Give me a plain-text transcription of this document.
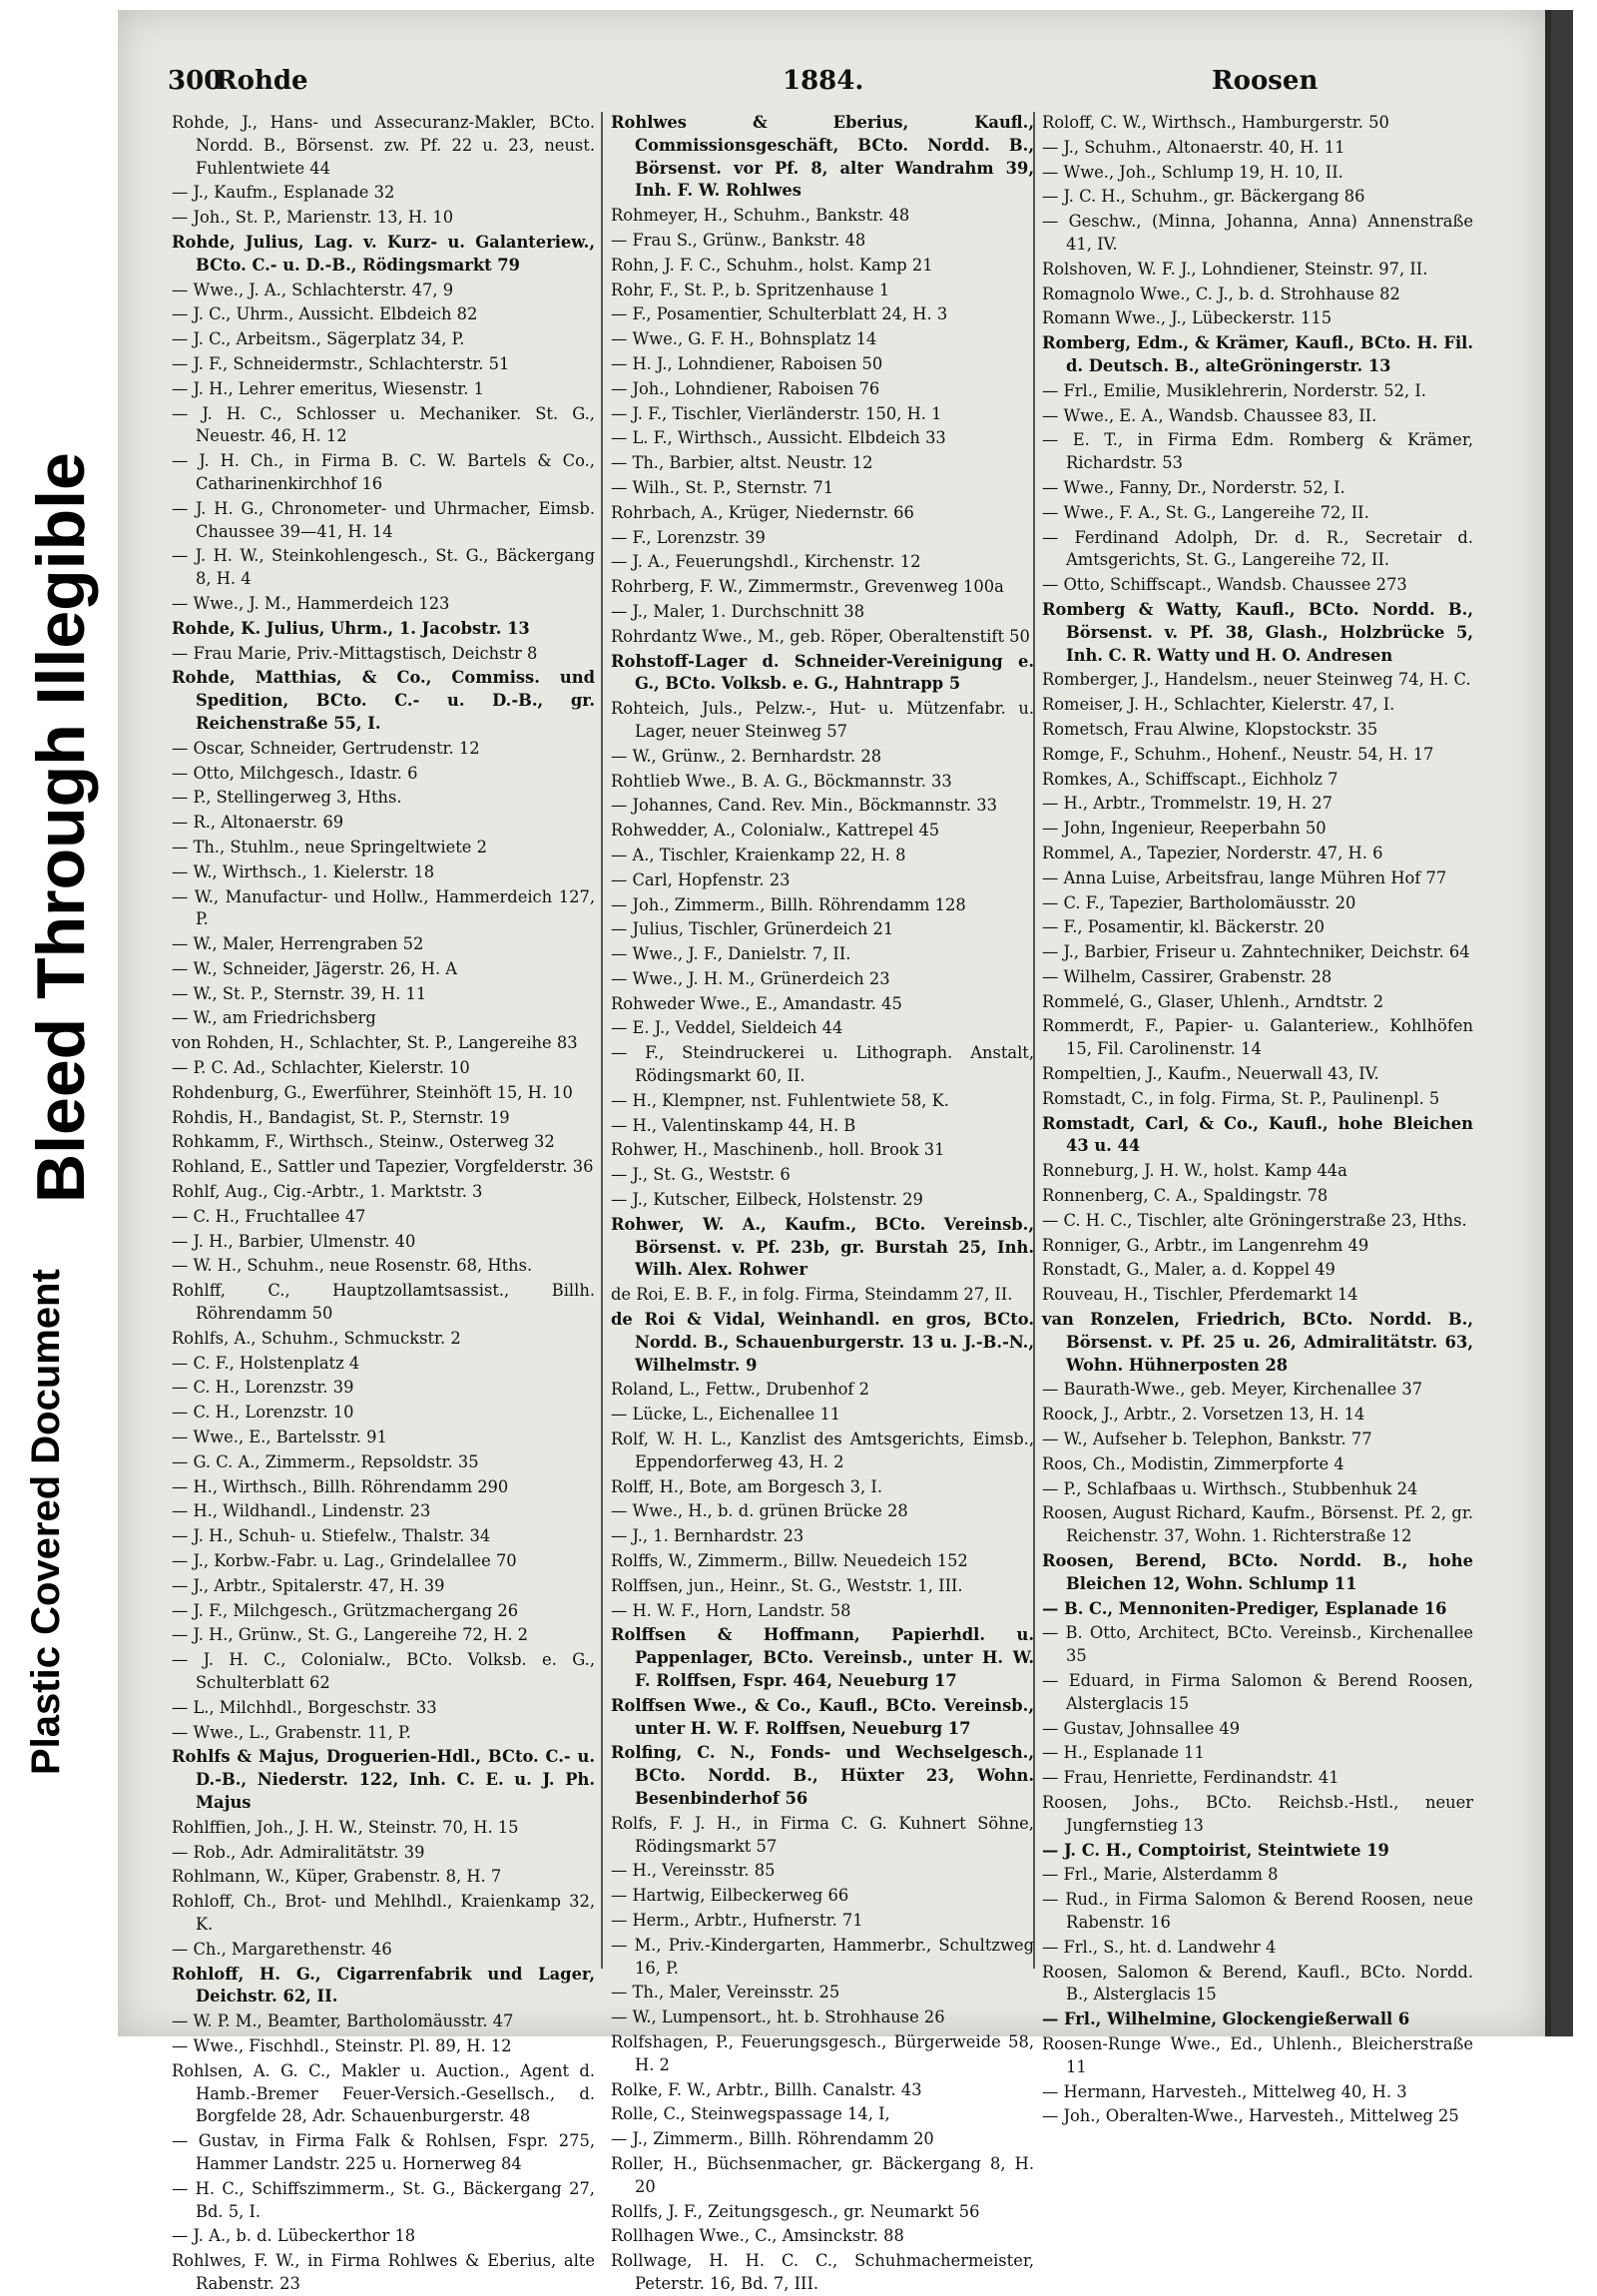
Bleed Through Illegible
Plastic Covered Document
300
Rohde	1884.	Roosen
Rohde, J., Hans- und Assecuranz-Makler, BCto. Nordd. B., Börsenst. zw. Pf. 22 u. 23, neust. Fuhlentwiete 44
— J., Kaufm., Esplanade 32
— Joh., St. P., Marienstr. 13, H. 10
Rohde, Julius, Lag. v. Kurz- u. Galanteriew., BCto. C.- u. D.-B., Rödingsmarkt 79
— Wwe., J. A., Schlachterstr. 47, 9
— J. C., Uhrm., Aussicht. Elbdeich 82
— J. C., Arbeitsm., Sägerplatz 34, P.
— J. F., Schneidermstr., Schlachterstr. 51
— J. H., Lehrer emeritus, Wiesenstr. 1
— J. H. C., Schlosser u. Mechaniker. St. G., Neuestr. 46, H. 12
— J. H. Ch., in Firma B. C. W. Bartels & Co., Catharinenkirchhof 16
— J. H. G., Chronometer- und Uhrmacher, Eimsb. Chaussee 39—41, H. 14
— J. H. W., Steinkohlengesch., St. G., Bäckergang 8, H. 4
— Wwe., J. M., Hammerdeich 123
Rohde, K. Julius, Uhrm., 1. Jacobstr. 13
— Frau Marie, Priv.-Mittagstisch, Deichstr 8
Rohde, Matthias, & Co., Commiss. und Spedition, BCto. C.- u. D.-B., gr. Reichenstraße 55, I.
— Oscar, Schneider, Gertrudenstr. 12
— Otto, Milchgesch., Idastr. 6
— P., Stellingerweg 3, Hths.
— R., Altonaerstr. 69
— Th., Stuhlm., neue Springeltwiete 2
— W., Wirthsch., 1. Kielerstr. 18
— W., Manufactur- und Hollw., Hammerdeich 127, P.
— W., Maler, Herrengraben 52
— W., Schneider, Jägerstr. 26, H. A
— W., St. P., Sternstr. 39, H. 11
— W., am Friedrichsberg
von Rohden, H., Schlachter, St. P., Langereihe 83
— P. C. Ad., Schlachter, Kielerstr. 10
Rohdenburg, G., Ewerführer, Steinhöft 15, H. 10
Rohdis, H., Bandagist, St. P., Sternstr. 19
Rohkamm, F., Wirthsch., Steinw., Osterweg 32
Rohland, E., Sattler und Tapezier, Vorgfelderstr. 36
Rohlf, Aug., Cig.-Arbtr., 1. Marktstr. 3
— C. H., Fruchtallee 47
— J. H., Barbier, Ulmenstr. 40
— W. H., Schuhm., neue Rosenstr. 68, Hths.
Rohlff, C., Hauptzollamtsassist., Billh. Röhrendamm 50
Rohlfs, A., Schuhm., Schmuckstr. 2
— C. F., Holstenplatz 4
— C. H., Lorenzstr. 39
— C. H., Lorenzstr. 10
— Wwe., E., Bartelsstr. 91
— G. C. A., Zimmerm., Repsoldstr. 35
— H., Wirthsch., Billh. Röhrendamm 290
— H., Wildhandl., Lindenstr. 23
— J. H., Schuh- u. Stiefelw., Thalstr. 34
— J., Korbw.-Fabr. u. Lag., Grindelallee 70
— J., Arbtr., Spitalerstr. 47, H. 39
— J. F., Milchgesch., Grützmachergang 26
— J. H., Grünw., St. G., Langereihe 72, H. 2
— J. H. C., Colonialw., BCto. Volksb. e. G., Schulterblatt 62
— L., Milchhdl., Borgeschstr. 33
— Wwe., L., Grabenstr. 11, P.
Rohlfs & Majus, Droguerien-Hdl., BCto. C.- u. D.-B., Niederstr. 122, Inh. C. E. u. J. Ph. Majus
Rohlffien, Joh., J. H. W., Steinstr. 70, H. 15
— Rob., Adr. Admiralitätstr. 39
Rohlmann, W., Küper, Grabenstr. 8, H. 7
Rohloff, Ch., Brot- und Mehlhdl., Kraienkamp 32, K.
— Ch., Margarethenstr. 46
Rohloff, H. G., Cigarrenfabrik und Lager, Deichstr. 62, II.
— W. P. M., Beamter, Bartholomäusstr. 47
— Wwe., Fischhdl., Steinstr. Pl. 89, H. 12
Rohlsen, A. G. C., Makler u. Auction., Agent d. Hamb.-Bremer Feuer-Versich.-Gesellsch., d. Borgfelde 28, Adr. Schauenburgerstr. 48
— Gustav, in Firma Falk & Rohlsen, Fspr. 275, Hammer Landstr. 225 u. Hornerweg 84
— H. C., Schiffszimmerm., St. G., Bäckergang 27, Bd. 5, I.
— J. A., b. d. Lübeckerthor 18
Rohlwes, F. W., in Firma Rohlwes & Eberius, alte Rabenstr. 23
Rohlwes & Eberius, Kaufl., Commissionsgeschäft, BCto. Nordd. B., Börsenst. vor Pf. 8, alter Wandrahm 39, Inh. F. W. Rohlwes
Rohmeyer, H., Schuhm., Bankstr. 48
— Frau S., Grünw., Bankstr. 48
Rohn, J. F. C., Schuhm., holst. Kamp 21
Rohr, F., St. P., b. Spritzenhause 1
— F., Posamentier, Schulterblatt 24, H. 3
— Wwe., G. F. H., Bohnsplatz 14
— H. J., Lohndiener, Raboisen 50
— Joh., Lohndiener, Raboisen 76
— J. F., Tischler, Vierländerstr. 150, H. 1
— L. F., Wirthsch., Aussicht. Elbdeich 33
— Th., Barbier, altst. Neustr. 12
— Wilh., St. P., Sternstr. 71
Rohrbach, A., Krüger, Niedernstr. 66
— F., Lorenzstr. 39
— J. A., Feuerungshdl., Kirchenstr. 12
Rohrberg, F. W., Zimmermstr., Grevenweg 100a
— J., Maler, 1. Durchschnitt 38
Rohrdantz Wwe., M., geb. Röper, Oberaltenstift 50
Rohstoff-Lager d. Schneider-Vereinigung e. G., BCto. Volksb. e. G., Hahntrapp 5
Rohteich, Juls., Pelzw.-, Hut- u. Mützenfabr. u. Lager, neuer Steinweg 57
— W., Grünw., 2. Bernhardstr. 28
Rohtlieb Wwe., B. A. G., Böckmannstr. 33
— Johannes, Cand. Rev. Min., Böckmannstr. 33
Rohwedder, A., Colonialw., Kattrepel 45
— A., Tischler, Kraienkamp 22, H. 8
— Carl, Hopfenstr. 23
— Joh., Zimmerm., Billh. Röhrendamm 128
— Julius, Tischler, Grünerdeich 21
— Wwe., J. F., Danielstr. 7, II.
— Wwe., J. H. M., Grünerdeich 23
Rohweder Wwe., E., Amandastr. 45
— E. J., Veddel, Sieldeich 44
— F., Steindruckerei u. Lithograph. Anstalt, Rödingsmarkt 60, II.
— H., Klempner, nst. Fuhlentwiete 58, K.
— H., Valentinskamp 44, H. B
Rohwer, H., Maschinenb., holl. Brook 31
— J., St. G., Weststr. 6
— J., Kutscher, Eilbeck, Holstenstr. 29
Rohwer, W. A., Kaufm., BCto. Vereinsb., Börsenst. v. Pf. 23b, gr. Burstah 25, Inh. Wilh. Alex. Rohwer
de Roi, E. B. F., in folg. Firma, Steindamm 27, II.
de Roi & Vidal, Weinhandl. en gros, BCto. Nordd. B., Schauenburgerstr. 13 u. J.-B.-N., Wilhelmstr. 9
Roland, L., Fettw., Drubenhof 2
— Lücke, L., Eichenallee 11
Rolf, W. H. L., Kanzlist des Amtsgerichts, Eimsb., Eppendorferweg 43, H. 2
Rolff, H., Bote, am Borgesch 3, I.
— Wwe., H., b. d. grünen Brücke 28
— J., 1. Bernhardstr. 23
Rolffs, W., Zimmerm., Billw. Neuedeich 152
Rolffsen, jun., Heinr., St. G., Weststr. 1, III.
— H. W. F., Horn, Landstr. 58
Rolffsen & Hoffmann, Papierhdl. u. Pappenlager, BCto. Vereinsb., unter H. W. F. Rolffsen, Fspr. 464, Neueburg 17
Rolffsen Wwe., & Co., Kaufl., BCto. Vereinsb., unter H. W. F. Rolffsen, Neueburg 17
Rolfing, C. N., Fonds- und Wechselgesch., BCto. Nordd. B., Hüxter 23, Wohn. Besenbinderhof 56
Rolfs, F. J. H., in Firma C. G. Kuhnert Söhne, Rödingsmarkt 57
— H., Vereinsstr. 85
— Hartwig, Eilbeckerweg 66
— Herm., Arbtr., Hufnerstr. 71
— M., Priv.-Kindergarten, Hammerbr., Schultzweg 16, P.
— Th., Maler, Vereinsstr. 25
— W., Lumpensort., ht. b. Strohhause 26
Rolfshagen, P., Feuerungsgesch., Bürgerweide 58, H. 2
Rolke, F. W., Arbtr., Billh. Canalstr. 43
Rolle, C., Steinwegspassage 14, I,
— J., Zimmerm., Billh. Röhrendamm 20
Roller, H., Büchsenmacher, gr. Bäckergang 8, H. 20
Rollfs, J. F., Zeitungsgesch., gr. Neumarkt 56
Rollhagen Wwe., C., Amsinckstr. 88
Rollwage, H. H. C. C., Schuhmachermeister, Peterstr. 16, Bd. 7, III.
Roloff, C. W., Wirthsch., Hamburgerstr. 50
— J., Schuhm., Altonaerstr. 40, H. 11
— Wwe., Joh., Schlump 19, H. 10, II.
— J. C. H., Schuhm., gr. Bäckergang 86
— Geschw., (Minna, Johanna, Anna) Annenstraße 41, IV.
Rolshoven, W. F. J., Lohndiener, Steinstr. 97, II.
Romagnolo Wwe., C. J., b. d. Strohhause 82
Romann Wwe., J., Lübeckerstr. 115
Romberg, Edm., & Krämer, Kaufl., BCto. H. Fil. d. Deutsch. B., alteGröningerstr. 13
— Frl., Emilie, Musiklehrerin, Norderstr. 52, I.
— Wwe., E. A., Wandsb. Chaussee 83, II.
— E. T., in Firma Edm. Romberg & Krämer, Richardstr. 53
— Wwe., Fanny, Dr., Norderstr. 52, I.
— Wwe., F. A., St. G., Langereihe 72, II.
— Ferdinand Adolph, Dr. d. R., Secretair d. Amtsgerichts, St. G., Langereihe 72, II.
— Otto, Schiffscapt., Wandsb. Chaussee 273
Romberg & Watty, Kaufl., BCto. Nordd. B., Börsenst. v. Pf. 38, Glash., Holzbrücke 5, Inh. C. R. Watty und H. O. Andresen
Romberger, J., Handelsm., neuer Steinweg 74, H. C.
Romeiser, J. H., Schlachter, Kielerstr. 47, I.
Rometsch, Frau Alwine, Klopstockstr. 35
Romge, F., Schuhm., Hohenf., Neustr. 54, H. 17
Romkes, A., Schiffscapt., Eichholz 7
— H., Arbtr., Trommelstr. 19, H. 27
— John, Ingenieur, Reeperbahn 50
Rommel, A., Tapezier, Norderstr. 47, H. 6
— Anna Luise, Arbeitsfrau, lange Mühren Hof 77
— C. F., Tapezier, Bartholomäusstr. 20
— F., Posamentir, kl. Bäckerstr. 20
— J., Barbier, Friseur u. Zahntechniker, Deichstr. 64
— Wilhelm, Cassirer, Grabenstr. 28
Rommelé, G., Glaser, Uhlenh., Arndtstr. 2
Rommerdt, F., Papier- u. Galanteriew., Kohlhöfen 15, Fil. Carolinenstr. 14
Rompeltien, J., Kaufm., Neuerwall 43, IV.
Romstadt, C., in folg. Firma, St. P., Paulinenpl. 5
Romstadt, Carl, & Co., Kaufl., hohe Bleichen 43 u. 44
Ronneburg, J. H. W., holst. Kamp 44a
Ronnenberg, C. A., Spaldingstr. 78
— C. H. C., Tischler, alte Gröningerstraße 23, Hths.
Ronniger, G., Arbtr., im Langenrehm 49
Ronstadt, G., Maler, a. d. Koppel 49
Rouveau, H., Tischler, Pferdemarkt 14
van Ronzelen, Friedrich, BCto. Nordd. B., Börsenst. v. Pf. 25 u. 26, Admiralitätstr. 63, Wohn. Hühnerposten 28
— Baurath-Wwe., geb. Meyer, Kirchenallee 37
Roock, J., Arbtr., 2. Vorsetzen 13, H. 14
— W., Aufseher b. Telephon, Bankstr. 77
Roos, Ch., Modistin, Zimmerpforte 4
— P., Schlafbaas u. Wirthsch., Stubbenhuk 24
Roosen, August Richard, Kaufm., Börsenst. Pf. 2, gr. Reichenstr. 37, Wohn. 1. Richterstraße 12
Roosen, Berend, BCto. Nordd. B., hohe Bleichen 12, Wohn. Schlump 11
— B. C., Mennoniten-Prediger, Esplanade 16
— B. Otto, Architect, BCto. Vereinsb., Kirchenallee 35
— Eduard, in Firma Salomon & Berend Roosen, Alsterglacis 15
— Gustav, Johnsallee 49
— H., Esplanade 11
— Frau, Henriette, Ferdinandstr. 41
Roosen, Johs., BCto. Reichsb.-Hstl., neuer Jungfernstieg 13
— J. C. H., Comptoirist, Steintwiete 19
— Frl., Marie, Alsterdamm 8
— Rud., in Firma Salomon & Berend Roosen, neue Rabenstr. 16
— Frl., S., ht. d. Landwehr 4
Roosen, Salomon & Berend, Kaufl., BCto. Nordd. B., Alsterglacis 15
— Frl., Wilhelmine, Glockengießerwall 6
Roosen-Runge Wwe., Ed., Uhlenh., Bleicherstraße 11
— Hermann, Harvesteh., Mittelweg 40, H. 3
— Joh., Oberalten-Wwe., Harvesteh., Mittelweg 25
